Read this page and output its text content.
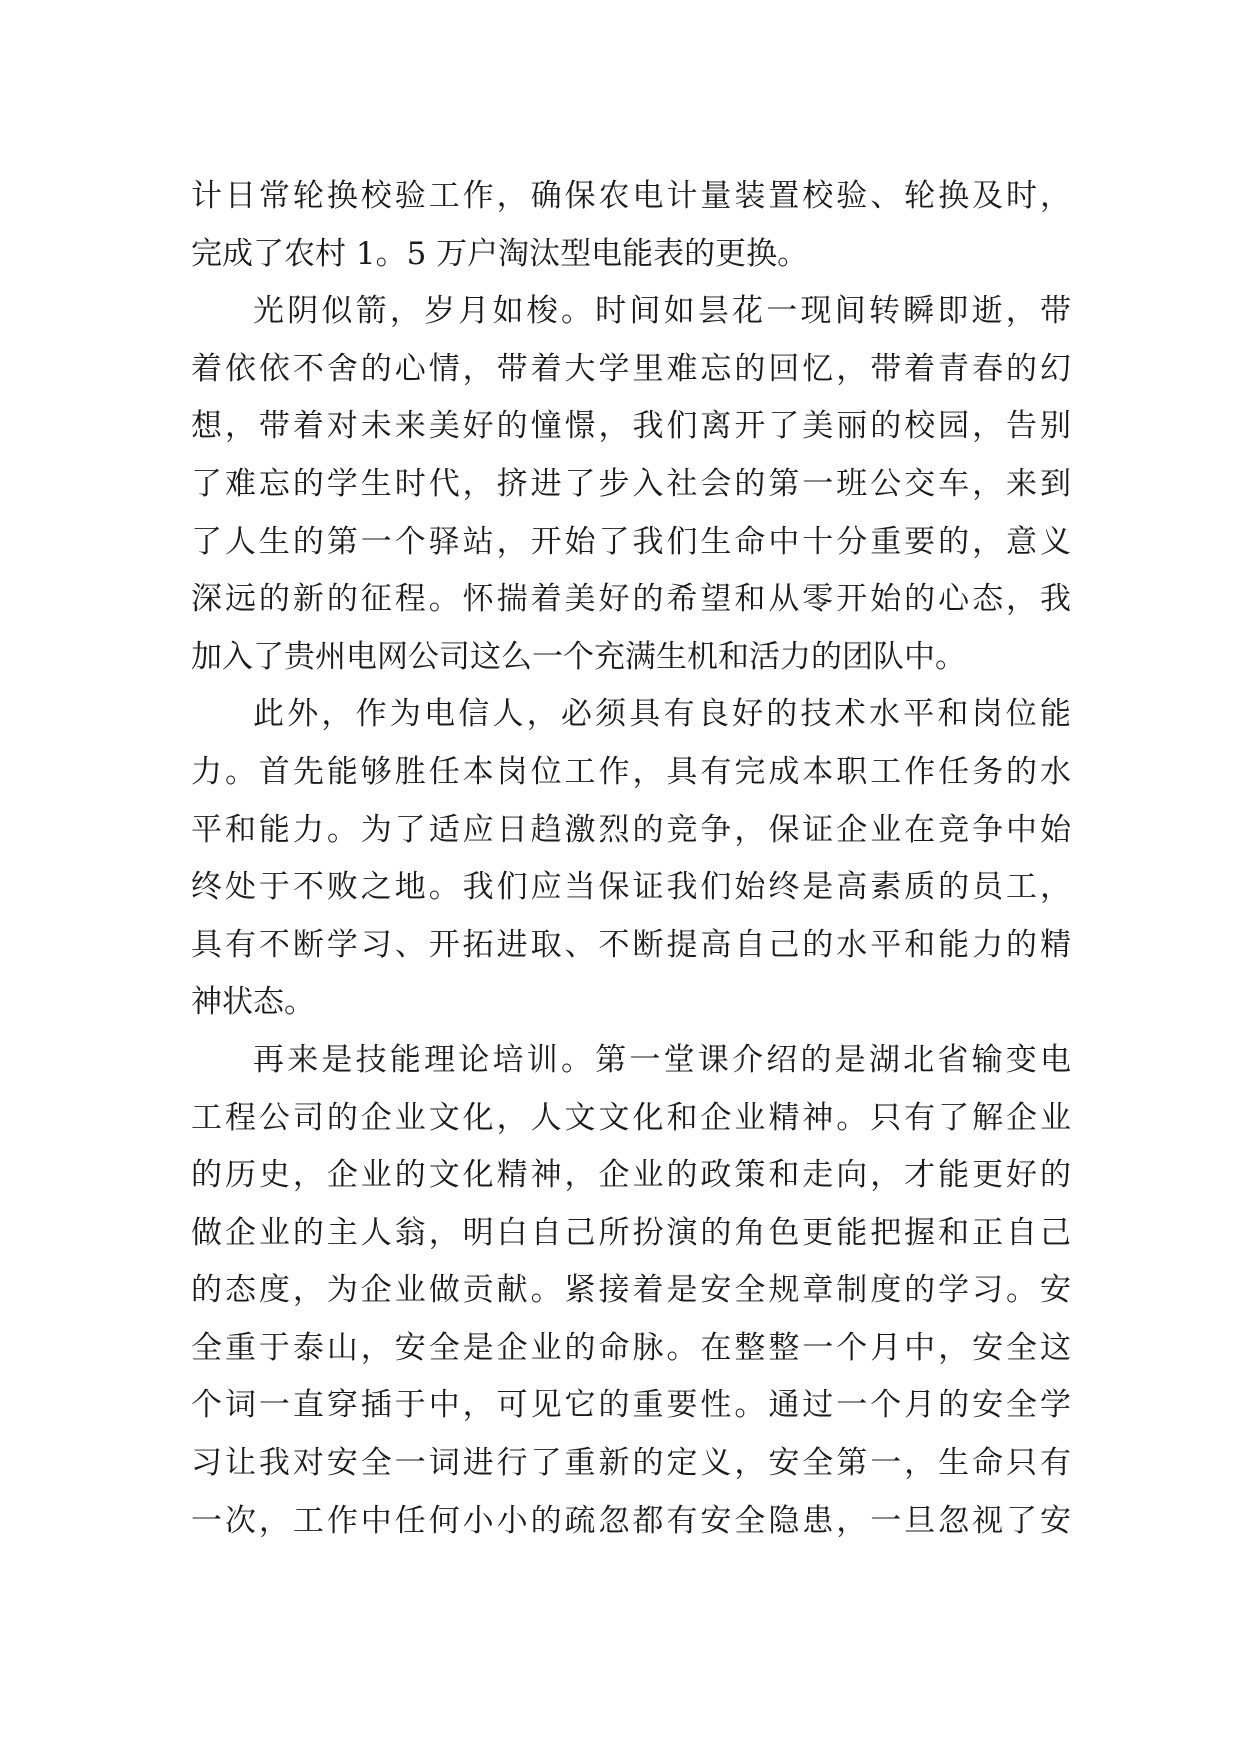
计日常轮换校验工作，确保农电计量装置校验、轮换及时，
完成了农村 1。5 万户淘汰型电能表的更换。
光阴似箭，岁月如梭。时间如昙花一现间转瞬即逝，带
着依依不舍的心情，带着大学里难忘的回忆，带着青春的幻
想，带着对未来美好的憧憬，我们离开了美丽的校园，告别
了难忘的学生时代，挤进了步入社会的第一班公交车，来到
了人生的第一个驿站，开始了我们生命中十分重要的，意义
深远的新的征程。怀揣着美好的希望和从零开始的心态，我
加入了贵州电网公司这么一个充满生机和活力的团队中。
此外，作为电信人，必须具有良好的技术水平和岗位能
力。首先能够胜任本岗位工作，具有完成本职工作任务的水
平和能力。为了适应日趋激烈的竞争，保证企业在竞争中始
终处于不败之地。我们应当保证我们始终是高素质的员工，
具有不断学习、开拓进取、不断提高自己的水平和能力的精
神状态。
再来是技能理论培训。第一堂课介绍的是湖北省输变电
工程公司的企业文化，人文文化和企业精神。只有了解企业
的历史，企业的文化精神，企业的政策和走向，才能更好的
做企业的主人翁，明白自己所扮演的角色更能把握和正自己
的态度，为企业做贡献。紧接着是安全规章制度的学习。安
全重于泰山，安全是企业的命脉。在整整一个月中，安全这
个词一直穿插于中，可见它的重要性。通过一个月的安全学
习让我对安全一词进行了重新的定义，安全第一，生命只有
一次，工作中任何小小的疏忽都有安全隐患，一旦忽视了安
